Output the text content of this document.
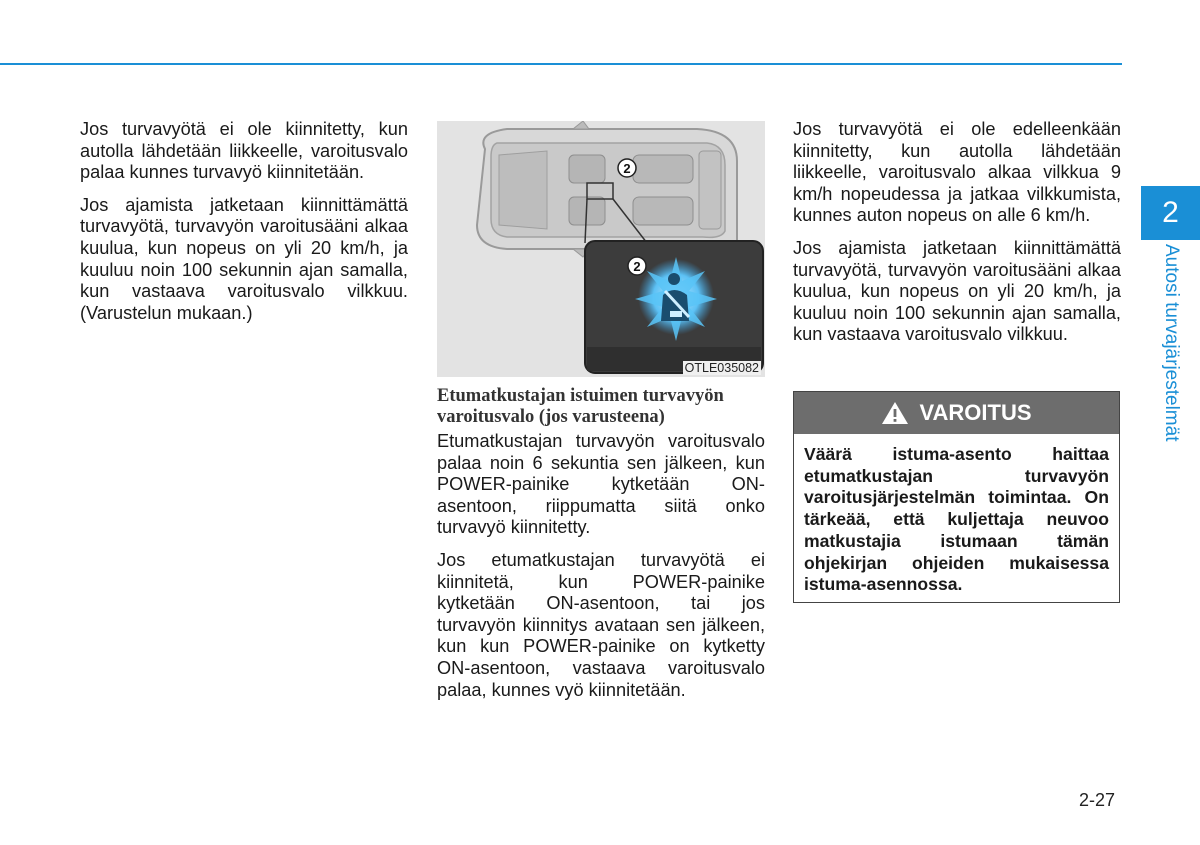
Jos turvavyötä ei ole kiinnitetty, kun autolla lähdetään liikkeelle, varoitusvalo palaa kunnes turvavyö kiinnitetään.

Jos ajamista jatketaan kiinnittämättä turvavyötä, turvavyön varoitusääni alkaa kuulua, kun nopeus on yli 20 km/h, ja kuuluu noin 100 sekunnin ajan samalla, kun vastaava varoitusvalo vilkkuu. (Varustelun mukaan.)

2
2
OTLE035082
Etumatkustajan istuimen turvavyön varoitusvalo (jos varusteena)

Etumatkustajan turvavyön varoitusvalo palaa noin 6 sekuntia sen jälkeen, kun POWER-painike kytketään ON-asentoon, riippumatta siitä onko turvavyö kiinnitetty.

Jos etumatkustajan turvavyötä ei kiinnitetä, kun POWER-painike kytketään ON-asentoon, tai jos turvavyön kiinnitys avataan sen jälkeen, kun kun POWER-painike on kytketty ON-asentoon, vastaava varoitusvalo palaa, kunnes vyö kiinnitetään.

Jos turvavyötä ei ole edelleenkään kiinnitetty, kun autolla lähdetään liikkeelle, varoitusvalo alkaa vilkkua 9 km/h nopeudessa ja jatkaa vilkkumista, kunnes auton nopeus on alle 6 km/h.

Jos ajamista jatketaan kiinnittämättä turvavyötä, turvavyön varoitusääni alkaa kuulua, kun nopeus on yli 20 km/h, ja kuuluu noin 100 sekunnin ajan samalla, kun vastaava varoitusvalo vilkkuu.

VAROITUS
Väärä istuma-asento haittaa etumatkustajan turvavyön varoitusjärjestelmän toimintaa. On tärkeää, että kuljettaja neuvoo matkustajia istumaan tämän ohjekirjan ohjeiden mukaisessa istuma-asennossa.
2
Autosi turvajärjestelmät
2-27
